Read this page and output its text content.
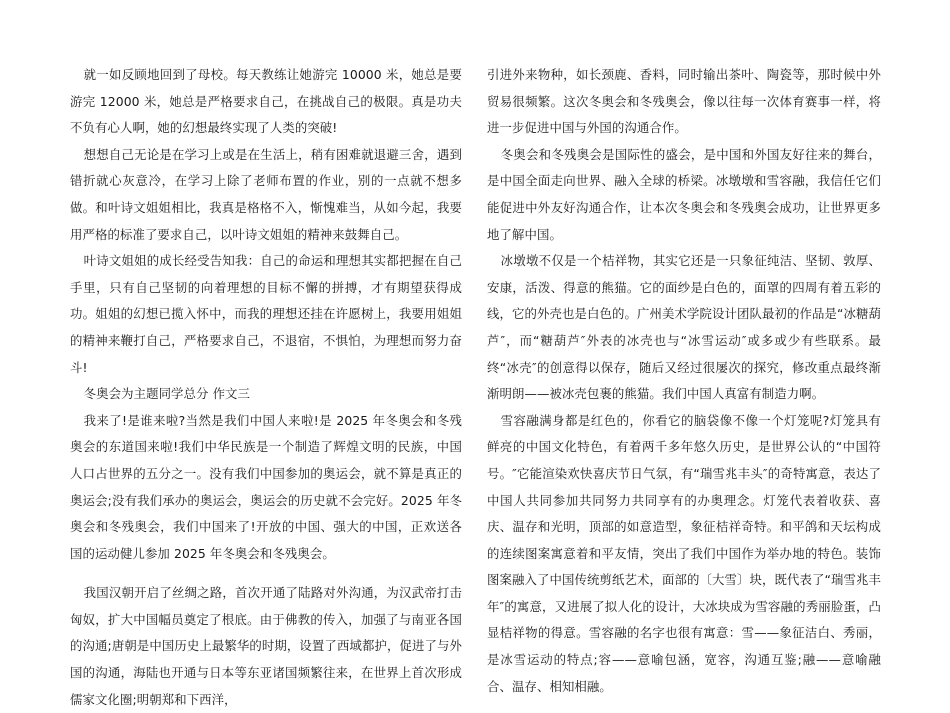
就一如反顾地回到了母校。每天教练让她游完 10000 米，她总是要游完 12000 米，她总是严格要求自己，在挑战自己的极限。真是功夫不负有心人啊，她的幻想最终实现了人类的突破!

想想自己无论是在学习上或是在生活上，稍有困难就退避三舍，遇到错折就心灰意冷，在学习上除了老师布置的作业，别的一点就不想多做。和叶诗文姐姐相比，我真是格格不入，惭愧难当，从如今起，我要用严格的标准了要求自己，以叶诗文姐姐的精神来鼓舞自己。

叶诗文姐姐的成长经受告知我：自己的命运和理想其实都把握在自己手里，只有自己坚韧的向着理想的目标不懈的拼搏，才有期望获得成功。姐姐的幻想已揽入怀中，而我的理想还挂在许愿树上，我要用姐姐的精神来鞭打自己，严格要求自己，不退宿，不惧怕，为理想而努力奋斗!

冬奥会为主题同学总分 作文三

我来了!是谁来啦?当然是我们中国人来啦!是 2025 年冬奥会和冬残奥会的东道国来啦!我们中华民族是一个制造了辉煌文明的民族，中国人口占世界的五分之一。没有我们中国参加的奥运会，就不算是真正的奥运会;没有我们承办的奥运会，奥运会的历史就不会完好。2025 年冬奥会和冬残奥会，我们中国来了!开放的中国、强大的中国，正欢送各国的运动健儿参加 2025 年冬奥会和冬残奥会。

我国汉朝开启了丝绸之路，首次开通了陆路对外沟通，为汉武帝打击匈奴，扩大中国幅员奠定了根底。由于佛教的传入，加强了与南亚各国的沟通;唐朝是中国历史上最繁华的时期，设置了西域都护，促进了与外国的沟通，海陆也开通与日本等东亚诸国频繁往来，在世界上首次形成儒家文化圈;明朝郑和下西洋，

引进外来物种，如长颈鹿、香料，同时输出茶叶、陶瓷等，那时候中外贸易很频繁。这次冬奥会和冬残奥会，像以往每一次体育赛事一样，将进一步促进中国与外国的沟通合作。

冬奥会和冬残奥会是国际性的盛会，是中国和外国友好往来的舞台，是中国全面走向世界、融入全球的桥梁。冰墩墩和雪容融，我信任它们能促进中外友好沟通合作，让本次冬奥会和冬残奥会成功，让世界更多地了解中国。

冰墩墩不仅是一个桔祥物，其实它还是一只象征纯洁、坚韧、敦厚、安康，活泼、得意的熊猫。它的面纱是白色的，面罩的四周有着五彩的线，它的外壳也是白色的。广州美术学院设计团队最初的作品是“冰糖葫芦″，而“糖葫芦″外表的冰壳也与“冰雪运动″或多或少有些联系。最终“冰壳″的创意得以保存，随后又经过很屡次的探究，修改重点最终渐渐明朗——被冰壳包裹的熊猫。我们中国人真富有制造力啊。

雪容融满身都是红色的，你看它的脑袋像不像一个灯笼呢?灯笼具有鲜亮的中国文化特色，有着两千多年悠久历史，是世界公认的“中国符号。″它能渲染欢快喜庆节日气氛，有“瑞雪兆丰头″的奇特寓意，表达了中国人共同参加共同努力共同享有的办奥理念。灯笼代表着收获、喜庆、温存和光明，顶部的如意造型，象征桔祥奇特。和平鸽和天坛构成的连续图案寓意着和平友情，突出了我们中国作为举办地的特色。装饰图案融入了中国传统剪纸艺术，面部的〔大雪〕块，既代表了“瑞雪兆丰年″的寓意，又进展了拟人化的设计，大冰块成为雪容融的秀丽脸蛋，凸显桔祥物的得意。雪容融的名字也很有寓意：雪——象征洁白、秀丽，是冰雪运动的特点;容——意喻包涵，宽容，沟通互鉴;融——意喻融合、温存、相知相融。
